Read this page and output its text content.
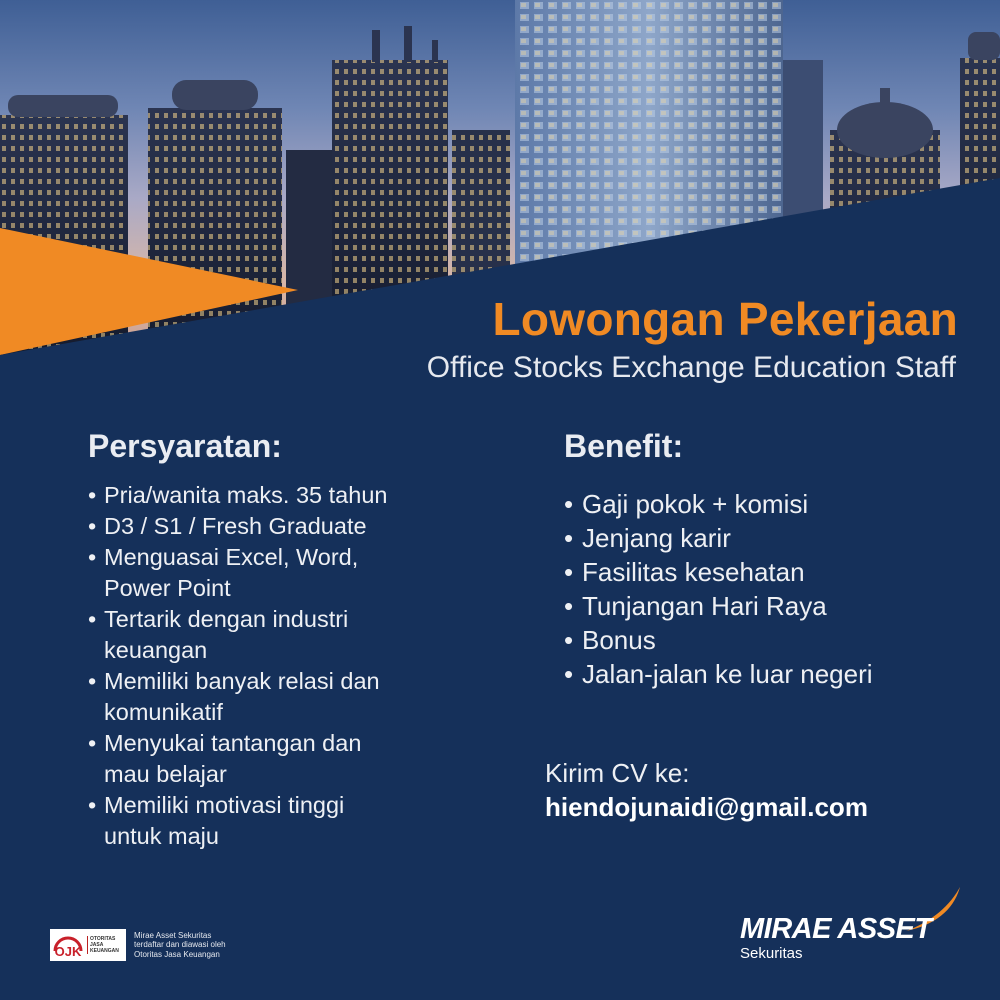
Lowongan Pekerjaan

Office Stocks Exchange Education Staff

Persyaratan:
• Pria/wanita maks. 35 tahun
• D3 / S1 / Fresh Graduate
• Menguasai Excel, Word,
Power Point
• Tertarik dengan industri
keuangan
• Memiliki banyak relasi dan
komunikatif
• Menyukai tantangan dan
mau belajar
• Memiliki motivasi tinggi
untuk maju
Benefit:
• Gaji pokok + komisi
• Jenjang karir
• Fasilitas kesehatan
• Tunjangan Hari Raya
• Bonus
• Jalan-jalan ke luar negeri

Kirim CV ke:

hiendojunaidi@gmail.com

OJK
OTORITAS
JASA
KEUANGAN
Mirae Asset Sekuritas
terdaftar dan diawasi oleh
Otoritas Jasa Keuangan

MIRAE ASSET

Sekuritas
